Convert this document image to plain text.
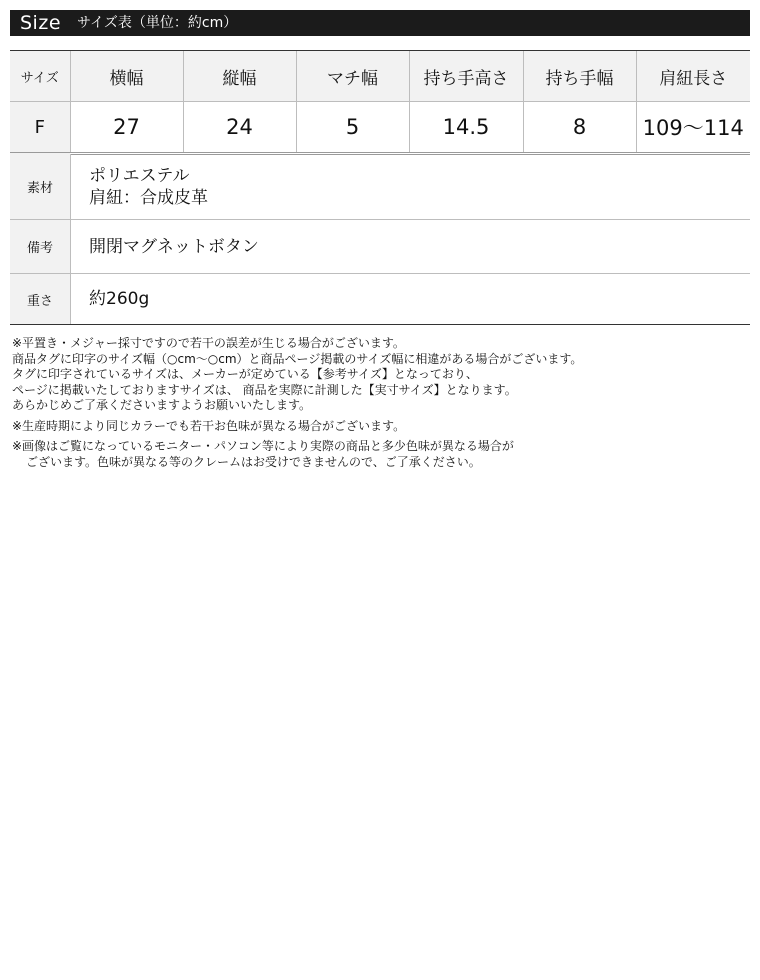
Size サイズ表（単位：約cm）
サイズ	横幅	縦幅	マチ幅	持ち手高さ	持ち手幅	肩紐長さ
F	27	24	5	14.5	8	109〜114
素材	ポリエステル
肩紐：合成皮革

備考	開閉マグネットボタン
重さ	約260g
※平置き・メジャー採寸ですので若干の誤差が生じる場合がございます。
商品タグに印字のサイズ幅（○cm〜○cm）と商品ページ掲載のサイズ幅に相違がある場合がございます。
タグに印字されているサイズは、メーカーが定めている【参考サイズ】となっており、
ページに掲載いたしておりますサイズは、 商品を実際に計測した【実寸サイズ】となります。
あらかじめご了承くださいますようお願いいたします。
※生産時期により同じカラーでも若干お色味が異なる場合がございます。
※画像はご覧になっているモニター・パソコン等により実際の商品と多少色味が異なる場合が
ございます。色味が異なる等のクレームはお受けできませんので、ご了承ください。
